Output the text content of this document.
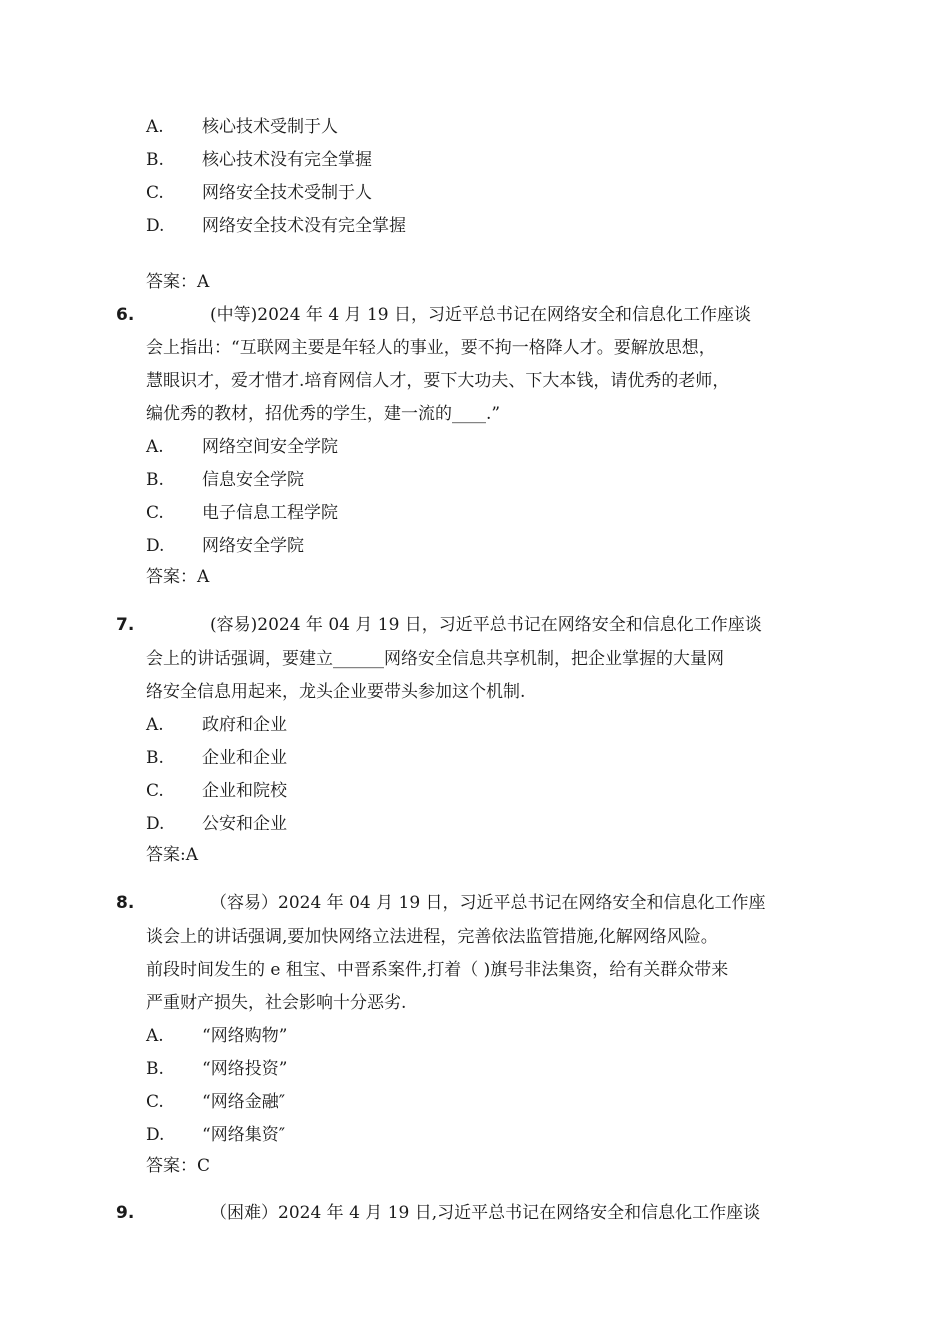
A. 核心技术受制于人
B. 核心技术没有完全掌握
C. 网络安全技术受制于人
D. 网络安全技术没有完全掌握
答案：A
6.	(中等)2024 年 4 月 19 日，习近平总书记在网络安全和信息化工作座谈
会上指出：“互联网主要是年轻人的事业，要不拘一格降人才。要解放思想，
慧眼识才，爱才惜才.培育网信人才，要下大功夫、下大本钱，请优秀的老师，
编优秀的教材，招优秀的学生，建一流的____.”
A. 网络空间安全学院
B. 信息安全学院
C. 电子信息工程学院
D. 网络安全学院
答案：A
7.	(容易)2024 年 04 月 19 日，习近平总书记在网络安全和信息化工作座谈
会上的讲话强调，要建立______网络安全信息共享机制，把企业掌握的大量网
络安全信息用起来，龙头企业要带头参加这个机制.
A. 政府和企业
B. 企业和企业
C. 企业和院校
D. 公安和企业
答案:A
8.	（容易）2024 年 04 月 19 日，习近平总书记在网络安全和信息化工作座
谈会上的讲话强调,要加快网络立法进程，完善依法监管措施,化解网络风险。
前段时间发生的 e 租宝、中晋系案件,打着（ )旗号非法集资，给有关群众带来
严重财产损失，社会影响十分恶劣.
A. “网络购物”
B. “网络投资”
C. “网络金融″
D. “网络集资″
答案：C
9.	（困难）2024 年 4 月 19 日,习近平总书记在网络安全和信息化工作座谈
